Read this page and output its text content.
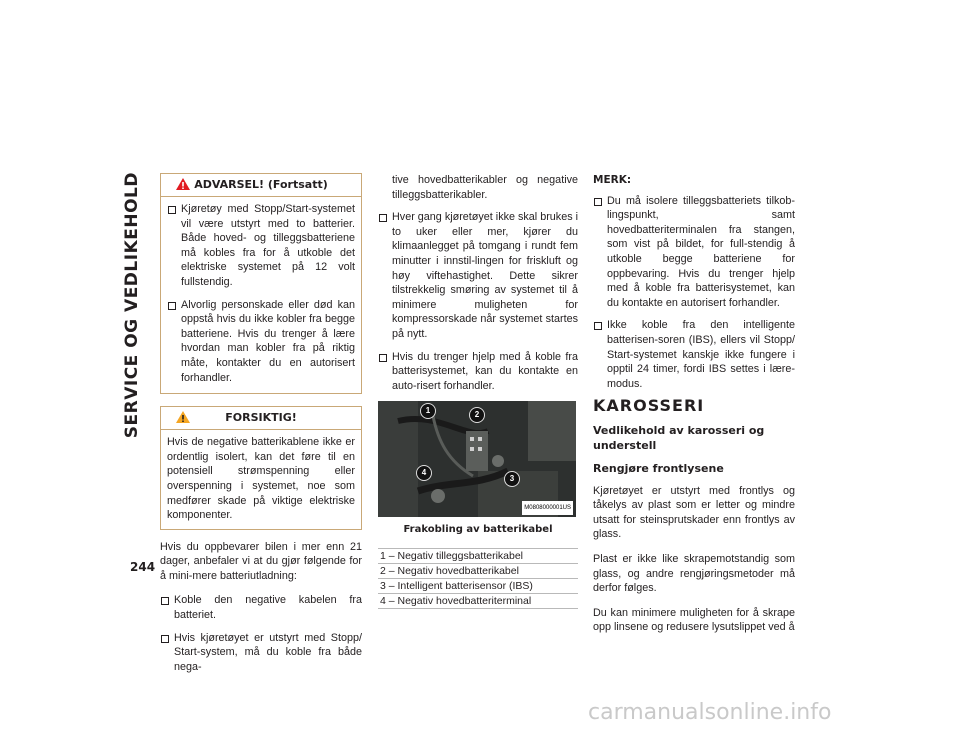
SERVICE OG VEDLIKEHOLD
244
ADVARSEL! (Fortsatt)
Kjøretøy med Stopp/Start-systemet vil være utstyrt med to batterier. Både hoved- og tilleggsbatteriene må kobles fra for å utkoble det elektriske systemet på 12 volt fullstendig.
Alvorlig personskade eller død kan oppstå hvis du ikke kobler fra begge batteriene. Hvis du trenger å lære hvordan man kobler fra på riktig måte, kontakter du en autorisert forhandler.
FORSIKTIG!

Hvis de negative batterikablene ikke er ordentlig isolert, kan det føre til en potensiell strømspenning eller overspenning i systemet, noe som medfører skade på viktige elektriske komponenter.

Hvis du oppbevarer bilen i mer enn 21 dager, anbefaler vi at du gjør følgende for å mini-mere batteriutladning:

Koble den negative kabelen fra batteriet.
Hvis kjøretøyet er utstyrt med Stopp/ Start-system, må du koble fra både nega-

tive hovedbatterikabler og negative tilleggsbatterikabler.

Hver gang kjøretøyet ikke skal brukes i to uker eller mer, kjører du klimaanlegget på tomgang i rundt fem minutter i innstil-lingen for friskluft og høy viftehastighet. Dette sikrer tilstrekkelig smøring av systemet til å minimere muligheten for kompressorskade når systemet startes på nytt.
Hvis du trenger hjelp med å koble fra batterisystemet, kan du kontakte en auto-risert forhandler.
1	2
3
4
M0808000001US
Frakobling av batterikabel
1 – Negativ tilleggsbatterikabel
2 – Negativ hovedbatterikabel
3 – Intelligent batterisensor (IBS)
4 – Negativ hovedbatteriterminal
MERK:
Du må isolere tilleggsbatteriets tilkob-lingspunkt, samt hovedbatteriterminalen fra stangen, som vist på bildet, for full-stendig å utkoble begge batteriene for oppbevaring. Hvis du trenger hjelp med å koble fra batterisystemet, kan du kontakte en autorisert forhandler.
Ikke koble fra den intelligente batterisen-soren (IBS), ellers vil Stopp/ Start-systemet kanskje ikke fungere i opptil 24 timer, fordi IBS settes i lære-modus.
KAROSSERI
Vedlikehold av karosseri og understell
Rengjøre frontlysene

Kjøretøyet er utstyrt med frontlys og tåkelys av plast som er letter og mindre utsatt for steinsprutskader enn frontlys av glass.

Plast er ikke like skrapemotstandig som glass, og andre rengjøringsmetoder må derfor følges.

Du kan minimere muligheten for å skrape opp linsene og redusere lysutslippet ved å

carmanualsonline.info
